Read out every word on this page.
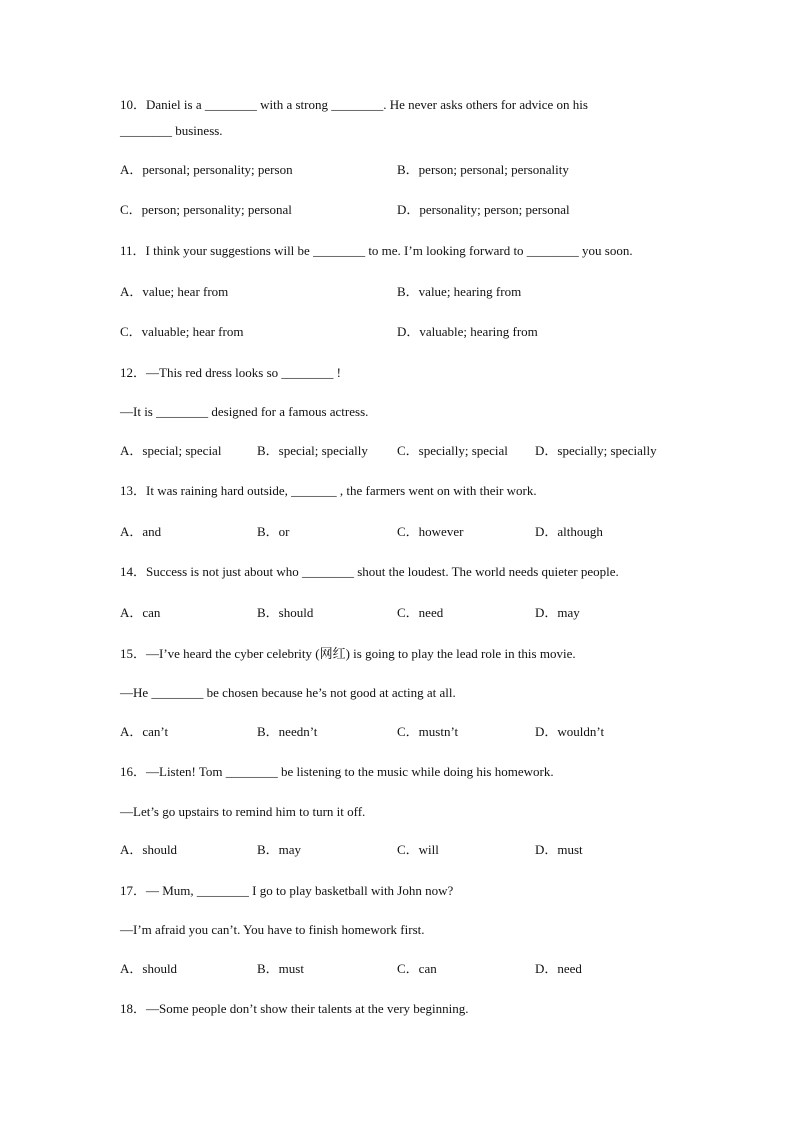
10．Daniel is a ________ with a strong ________. He never asks others for advice on his
________ business.
A．personal; personality; person	B．person; personal; personality
C．person; personality; personal	D．personality; person; personal
11．I think your suggestions will be ________ to me. I’m looking forward to ________ you soon.
A．value; hear from	B．value; hearing from
C．valuable; hear from	D．valuable; hearing from
12．—This red dress looks so ________ !
—It is ________ designed for a famous actress.
A．special; special	B．special; specially C．specially; special D．specially; specially
13．It was raining hard outside, _______ , the farmers went on with their work.
A．and	B．or	C．however	D．although
14．Success is not just about who ________ shout the loudest. The world needs quieter people.
A．can	B．should	C．need	D．may
15．—I’ve heard the cyber celebrity (网红) is going to play the lead role in this movie.
—He ________ be chosen because he’s not good at acting at all.
A．can’t	B．needn’t	C．mustn’t	D．wouldn’t
16．—Listen! Tom ________ be listening to the music while doing his homework.
—Let’s go upstairs to remind him to turn it off.
A．should	B．may	C．will	D．must
17．— Mum, ________ I go to play basketball with John now?
—I’m afraid you can’t. You have to finish homework first.
A．should	B．must	C．can	D．need
18．—Some people don’t show their talents at the very beginning.
